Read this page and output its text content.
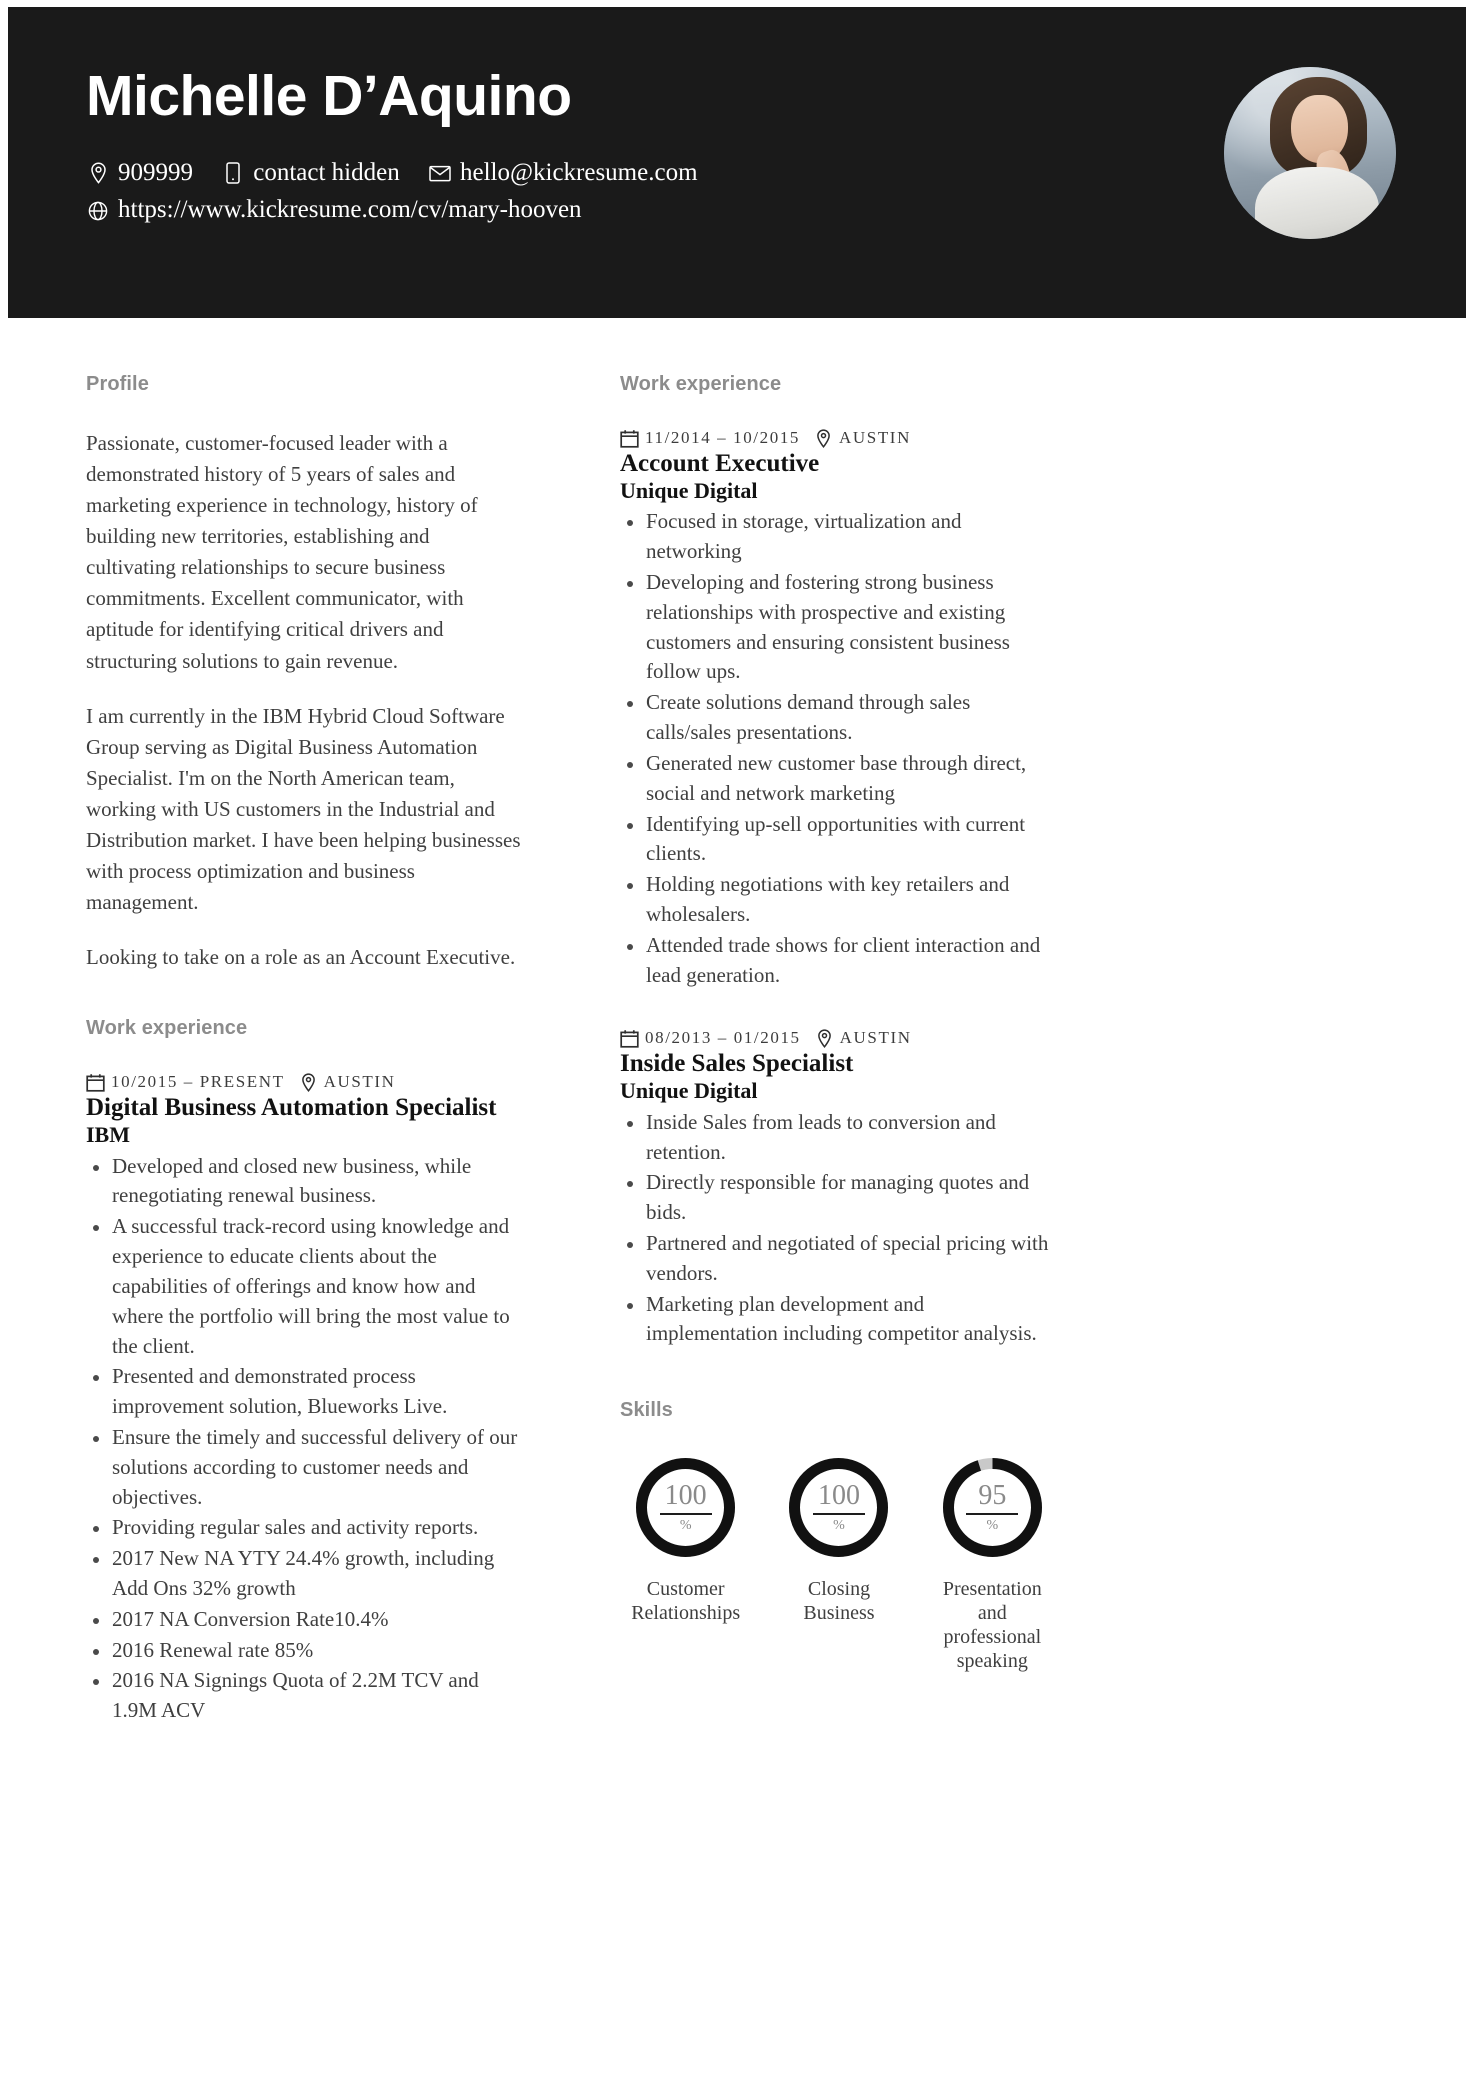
Michelle D’Aquino
909999
contact hidden
hello@kickresume.com
https://www.kickresume.com/cv/mary-hooven
Profile

Passionate, customer-focused leader with a demonstrated history of 5 years of sales and marketing experience in technology, history of building new territories, establishing and cultivating relationships to secure business commitments. Excellent communicator, with aptitude for identifying critical drivers and structuring solutions to gain revenue.

I am currently in the IBM Hybrid Cloud Software Group serving as Digital Business Automation Specialist. I'm on the North American team, working with US customers in the Industrial and Distribution market. I have been helping businesses with process optimization and business management.

Looking to take on a role as an Account Executive.

Work experience
10/2015 – PRESENT AUSTIN
Digital Business Automation Specialist
IBM
Developed and closed new business, while renegotiating renewal business.
A successful track-record using knowledge and experience to educate clients about the capabilities of offerings and know how and where the portfolio will bring the most value to the client.
Presented and demonstrated process improvement solution, Blueworks Live.
Ensure the timely and successful delivery of our solutions according to customer needs and objectives.
Providing regular sales and activity reports.
2017 New NA YTY 24.4% growth, including Add Ons 32% growth
2017 NA Conversion Rate10.4%
2016 Renewal rate 85%
2016 NA Signings Quota of 2.2M TCV and 1.9M ACV
Work experience
11/2014 – 10/2015 AUSTIN
Account Executive
Unique Digital
Focused in storage, virtualization and networking
Developing and fostering strong business relationships with prospective and existing customers and ensuring consistent business follow ups.
Create solutions demand through sales calls/sales presentations.
Generated new customer base through direct, social and network marketing
Identifying up-sell opportunities with current clients.
Holding negotiations with key retailers and wholesalers.
Attended trade shows for client interaction and lead generation.
08/2013 – 01/2015 AUSTIN
Inside Sales Specialist
Unique Digital
Inside Sales from leads to conversion and retention.
Directly responsible for managing quotes and bids.
Partnered and negotiated of special pricing with vendors.
Marketing plan development and implementation including competitor analysis.
Skills
100
%
Customer Relationships
100
%
Closing Business
95
%
Presentation and professional speaking
